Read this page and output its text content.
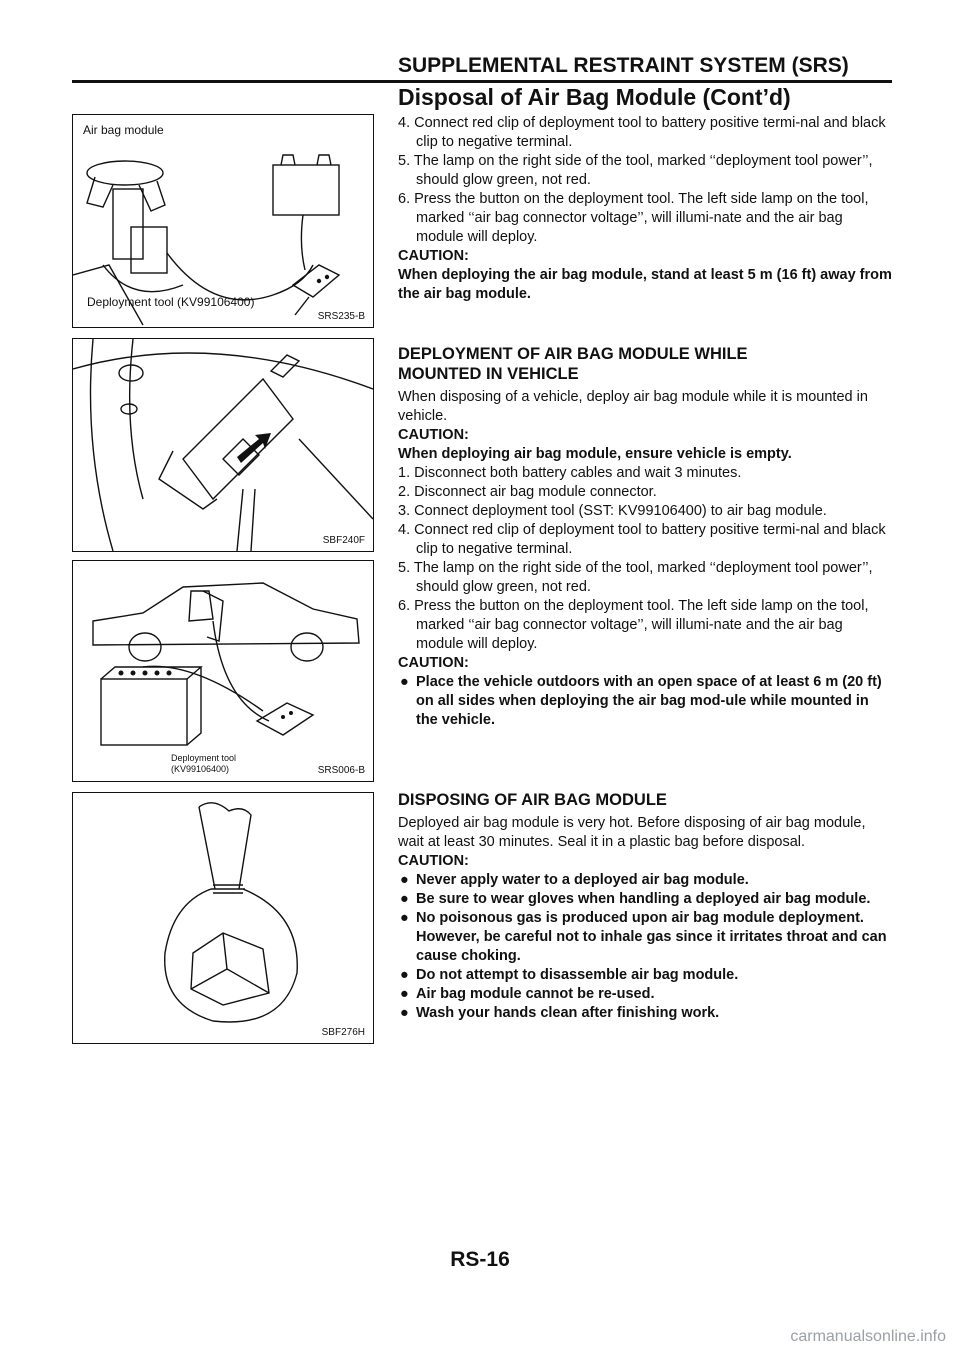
SUPPLEMENTAL RESTRAINT SYSTEM (SRS)
Disposal of Air Bag Module (Cont’d)
Air bag module
Deployment tool (KV99106400)
SRS235-B
SBF240F
Deployment tool
(KV99106400)	SRS006-B
SBF276H

4. Connect red clip of deployment tool to battery positive termi-nal and black clip to negative terminal.

5. The lamp on the right side of the tool, marked ‘‘deployment tool power’’, should glow green, not red.

6. Press the button on the deployment tool. The left side lamp on the tool, marked ‘‘air bag connector voltage’’, will illumi-nate and the air bag module will deploy.

CAUTION:

When deploying the air bag module, stand at least 5 m (16 ft) away from the air bag module.

DEPLOYMENT OF AIR BAG MODULE WHILE
MOUNTED IN VEHICLE

When disposing of a vehicle, deploy air bag module while it is mounted in vehicle.

CAUTION:

When deploying air bag module, ensure vehicle is empty.

1. Disconnect both battery cables and wait 3 minutes.

2. Disconnect air bag module connector.

3. Connect deployment tool (SST: KV99106400) to air bag module.

4. Connect red clip of deployment tool to battery positive termi-nal and black clip to negative terminal.

5. The lamp on the right side of the tool, marked ‘‘deployment tool power’’, should glow green, not red.

6. Press the button on the deployment tool. The left side lamp on the tool, marked ‘‘air bag connector voltage’’, will illumi-nate and the air bag module will deploy.

CAUTION:

● Place the vehicle outdoors with an open space of at least 6 m (20 ft) on all sides when deploying the air bag mod-ule while mounted in the vehicle.

DISPOSING OF AIR BAG MODULE

Deployed air bag module is very hot. Before disposing of air bag module, wait at least 30 minutes. Seal it in a plastic bag before disposal.

CAUTION:

● Never apply water to a deployed air bag module.

● Be sure to wear gloves when handling a deployed air bag module.

● No poisonous gas is produced upon air bag module deployment. However, be careful not to inhale gas since it irritates throat and can cause choking.

● Do not attempt to disassemble air bag module.

● Air bag module cannot be re-used.

● Wash your hands clean after finishing work.

RS-16
carmanualsonline.info
